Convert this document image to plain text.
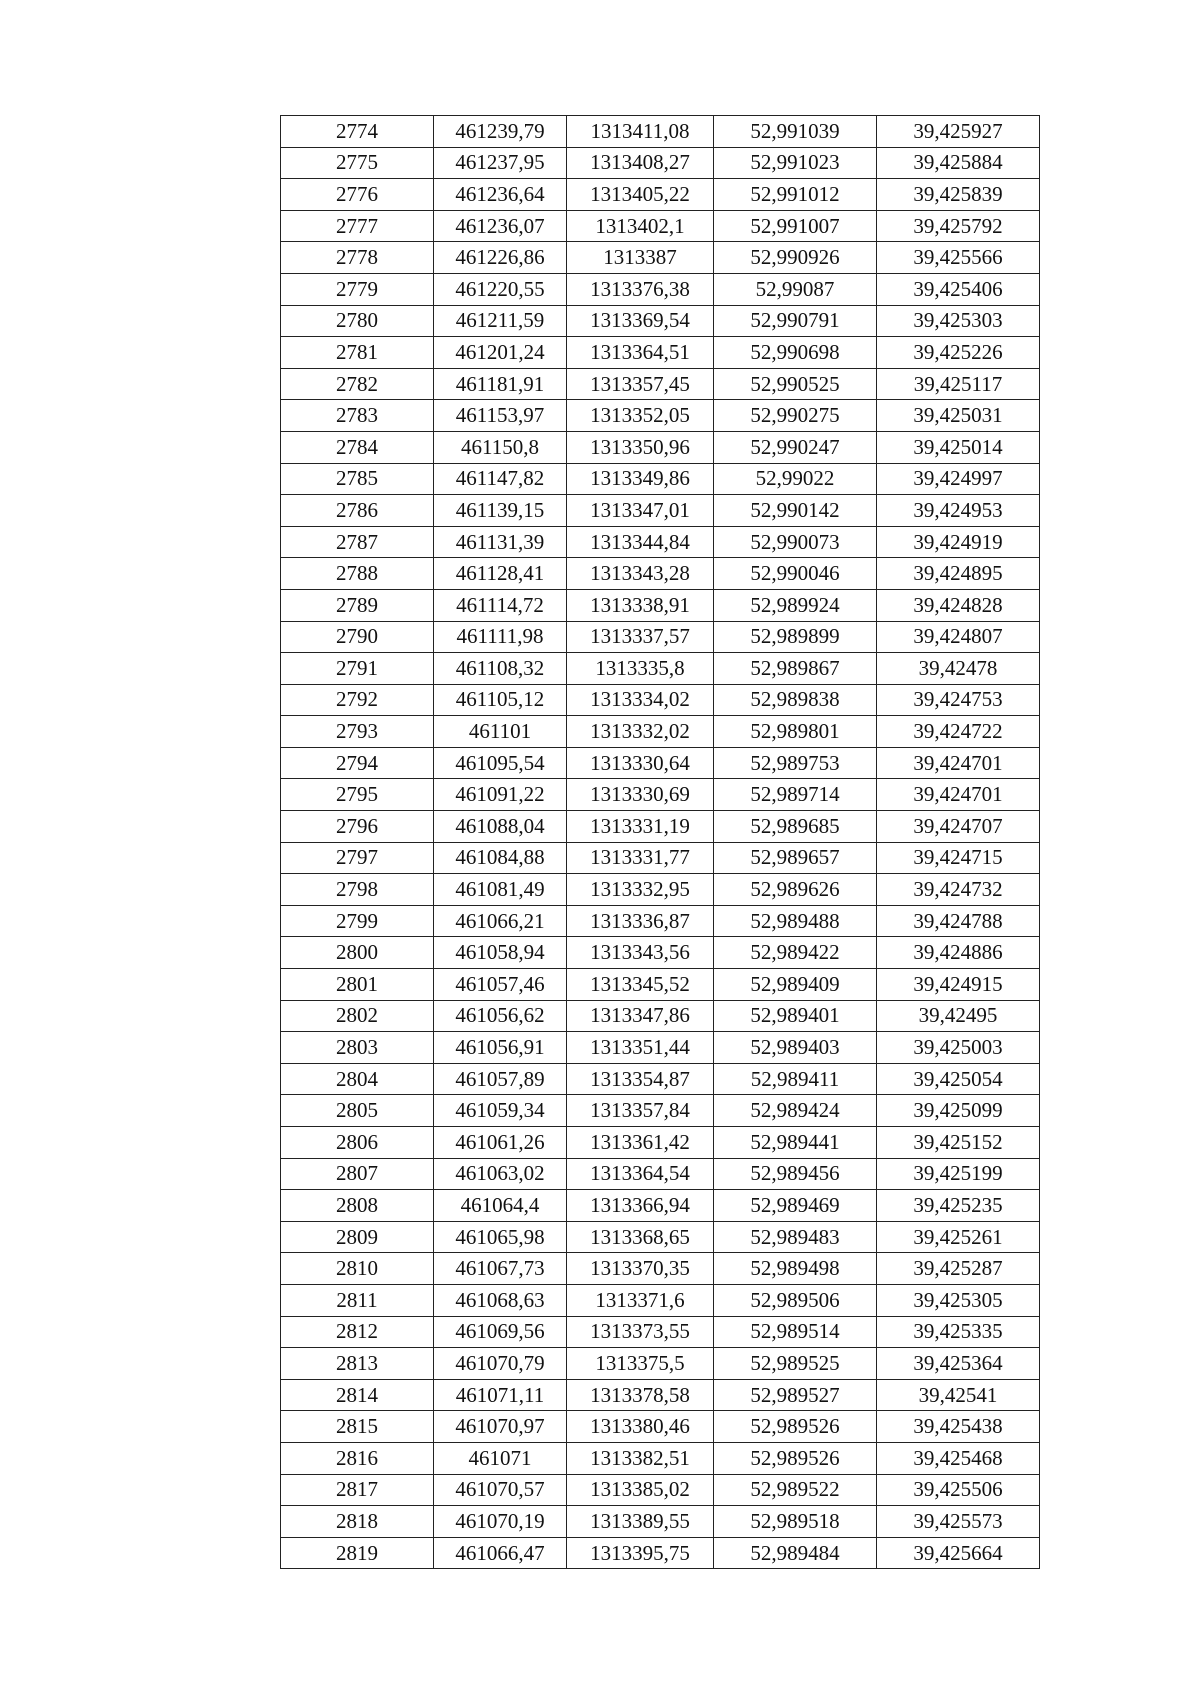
2774	461239,79	1313411,08	52,991039	39,425927
2775	461237,95	1313408,27	52,991023	39,425884
2776	461236,64	1313405,22	52,991012	39,425839
2777	461236,07	1313402,1	52,991007	39,425792
2778	461226,86	1313387	52,990926	39,425566
2779	461220,55	1313376,38	52,99087	39,425406
2780	461211,59	1313369,54	52,990791	39,425303
2781	461201,24	1313364,51	52,990698	39,425226
2782	461181,91	1313357,45	52,990525	39,425117
2783	461153,97	1313352,05	52,990275	39,425031
2784	461150,8	1313350,96	52,990247	39,425014
2785	461147,82	1313349,86	52,99022	39,424997
2786	461139,15	1313347,01	52,990142	39,424953
2787	461131,39	1313344,84	52,990073	39,424919
2788	461128,41	1313343,28	52,990046	39,424895
2789	461114,72	1313338,91	52,989924	39,424828
2790	461111,98	1313337,57	52,989899	39,424807
2791	461108,32	1313335,8	52,989867	39,42478
2792	461105,12	1313334,02	52,989838	39,424753
2793	461101	1313332,02	52,989801	39,424722
2794	461095,54	1313330,64	52,989753	39,424701
2795	461091,22	1313330,69	52,989714	39,424701
2796	461088,04	1313331,19	52,989685	39,424707
2797	461084,88	1313331,77	52,989657	39,424715
2798	461081,49	1313332,95	52,989626	39,424732
2799	461066,21	1313336,87	52,989488	39,424788
2800	461058,94	1313343,56	52,989422	39,424886
2801	461057,46	1313345,52	52,989409	39,424915
2802	461056,62	1313347,86	52,989401	39,42495
2803	461056,91	1313351,44	52,989403	39,425003
2804	461057,89	1313354,87	52,989411	39,425054
2805	461059,34	1313357,84	52,989424	39,425099
2806	461061,26	1313361,42	52,989441	39,425152
2807	461063,02	1313364,54	52,989456	39,425199
2808	461064,4	1313366,94	52,989469	39,425235
2809	461065,98	1313368,65	52,989483	39,425261
2810	461067,73	1313370,35	52,989498	39,425287
2811	461068,63	1313371,6	52,989506	39,425305
2812	461069,56	1313373,55	52,989514	39,425335
2813	461070,79	1313375,5	52,989525	39,425364
2814	461071,11	1313378,58	52,989527	39,42541
2815	461070,97	1313380,46	52,989526	39,425438
2816	461071	1313382,51	52,989526	39,425468
2817	461070,57	1313385,02	52,989522	39,425506
2818	461070,19	1313389,55	52,989518	39,425573
2819	461066,47	1313395,75	52,989484	39,425664
